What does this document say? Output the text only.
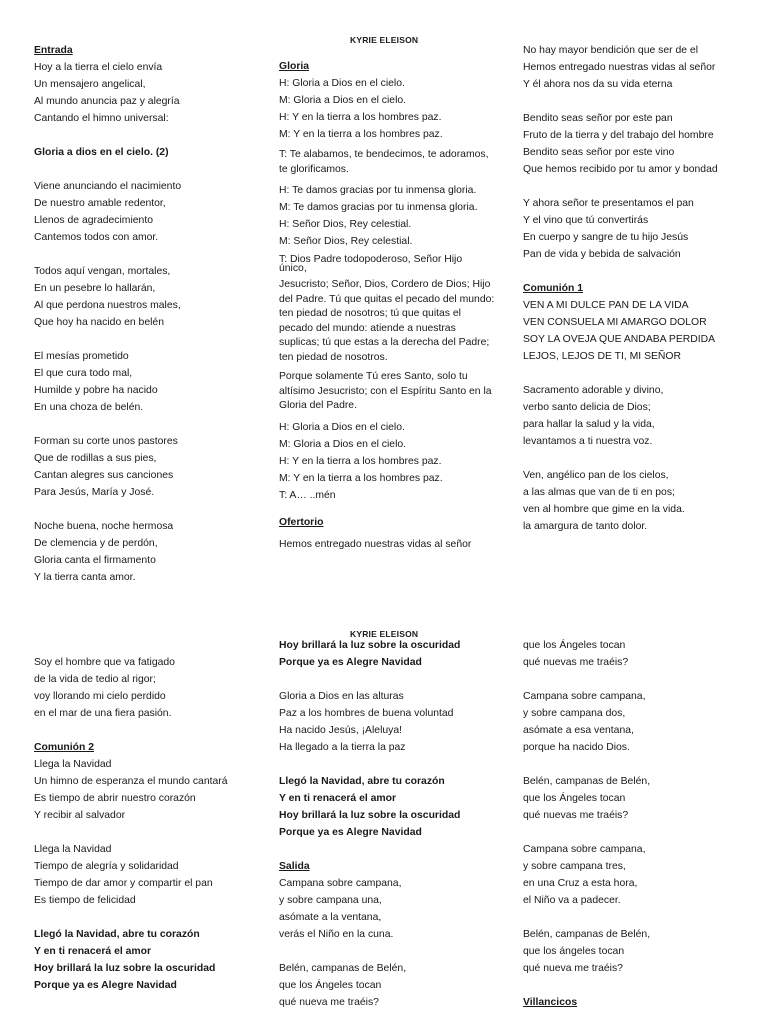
KYRIE ELEISON
Entrada
Hoy a la tierra el cielo envía
Un mensajero angelical,
Al mundo anuncia paz y alegría
Cantando el himno universal:
Gloria a dios en el cielo. (2)
Viene anunciando el nacimiento
De nuestro amable redentor,
Llenos de agradecimiento
Cantemos todos con amor.
Todos aquí vengan, mortales,
En un pesebre lo hallarán,
Al que perdona nuestros males,
Que hoy ha nacido en belén
El mesías prometido
El que cura todo mal,
Humilde y pobre ha nacido
En una choza de belén.
Forman su corte unos pastores
Que de rodillas a sus pies,
Cantan alegres sus canciones
Para Jesús, María y José.
Noche buena, noche hermosa
De clemencia y de perdón,
Gloria canta el firmamento
Y la tierra canta amor.
Gloria
H: Gloria a Dios en el cielo.
M: Gloria a Dios en el cielo.
H: Y en la tierra a los hombres paz.
M: Y en la tierra a los hombres paz.
T: Te alabamos, te bendecimos, te adoramos, te glorificamos.
H: Te damos gracias por tu inmensa gloria.
M: Te damos gracias por tu inmensa gloria.
H: Señor Dios, Rey celestial.
M: Señor Dios, Rey celestial.
T: Dios Padre todopoderoso, Señor Hijo
único,
Jesucristo; Señor, Dios, Cordero de Dios; Hijo del Padre. Tú que quitas el pecado del mundo: ten piedad de nosotros; tú que quitas el pecado del mundo: atiende a nuestras suplicas; tú que estas a la derecha del Padre; ten piedad de nosotros.
Porque solamente Tú eres Santo, solo tu altísimo Jesucristo; con el Espíritu Santo en la Gloria del Padre.
H: Gloria a Dios en el cielo.
M: Gloria a Dios en el cielo.
H: Y en la tierra a los hombres paz.
M: Y en la tierra a los hombres paz.
T: A… ..mén
Ofertorio
Hemos entregado nuestras vidas al señor
No hay mayor bendición que ser de el
Hemos entregado nuestras vidas al señor
Y él ahora nos da su vida eterna
Bendito seas señor por este pan
Fruto de la tierra y del trabajo del hombre
Bendito seas señor por este vino
Que hemos recibido por tu amor y bondad
Y ahora señor te presentamos el pan
Y el vino que tú convertirás
En cuerpo y sangre de tu hijo Jesús
Pan de vida y bebida de salvación
Comunión 1
VEN A MI DULCE PAN DE LA VIDA
VEN CONSUELA MI AMARGO DOLOR
SOY LA OVEJA QUE ANDABA PERDIDA
LEJOS, LEJOS DE TI, MI SEÑOR
Sacramento adorable y divino,
verbo santo delicia de Dios;
para hallar la salud y la vida,
levantamos a ti nuestra voz.
Ven, angélico pan de los cielos,
a las almas que van de ti en pos;
ven al hombre que gime en la vida.
la amargura de tanto dolor.
KYRIE ELEISON
Soy el hombre que va fatigado
de la vida de tedio al rigor;
voy llorando mi cielo perdido
en el mar de una fiera pasión.
Comunión 2
Llega la Navidad
Un himno de esperanza el mundo cantará
Es tiempo de abrir nuestro corazón
Y recibir al salvador
Llega la Navidad
Tiempo de alegría y solidaridad
Tiempo de dar amor y compartir el pan
Es tiempo de felicidad
Llegó la Navidad, abre tu corazón
Y en ti renacerá el amor
Hoy brillará la luz sobre la oscuridad
Porque ya es Alegre Navidad
Hoy brillará la luz sobre la oscuridad
Porque ya es Alegre Navidad
Gloria a Dios en las alturas
Paz a los hombres de buena voluntad
Ha nacido Jesús, ¡Aleluya!
Ha llegado a la tierra la paz
Llegó la Navidad, abre tu corazón
Y en ti renacerá el amor
Hoy brillará la luz sobre la oscuridad
Porque ya es Alegre Navidad
Salida
Campana sobre campana,
y sobre campana una,
asómate a la ventana,
verás el Niño en la cuna.
Belén, campanas de Belén,
que los Ángeles tocan
qué nueva me traéis?
que los Ángeles tocan
qué nuevas me traéis?
Campana sobre campana,
y sobre campana dos,
asómate a esa ventana,
porque ha nacido Dios.
Belén, campanas de Belén,
que los Ángeles tocan
qué nuevas me traéis?
Campana sobre campana,
y sobre campana tres,
en una Cruz a esta hora,
el Niño va a padecer.
Belén, campanas de Belén,
que los ángeles tocan
qué nueva me traéis?
Villancicos
